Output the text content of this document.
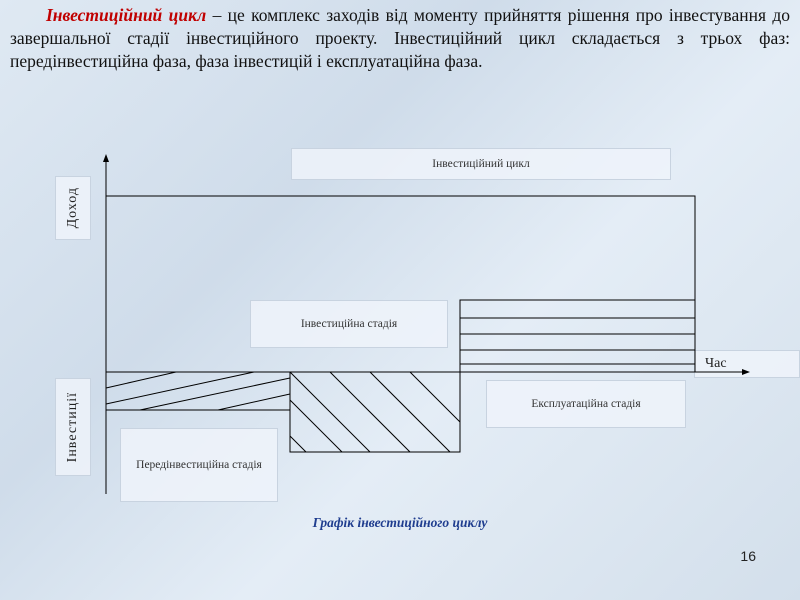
Інвестиційний цикл – це комплекс заходів від моменту прийняття рішення про інвестування до завершальної стадії інвестиційного проекту. Інвестиційний цикл складається з трьох фаз: передінвестиційна фаза, фаза інвестицій і експлуатаційна фаза.
Інвестиційний цикл
Доход
Інвестиції
Інвестиційна стадія
Експлуатаційна стадія
Передінвестиційна стадія
Час
Графік інвестиційного циклу
16
